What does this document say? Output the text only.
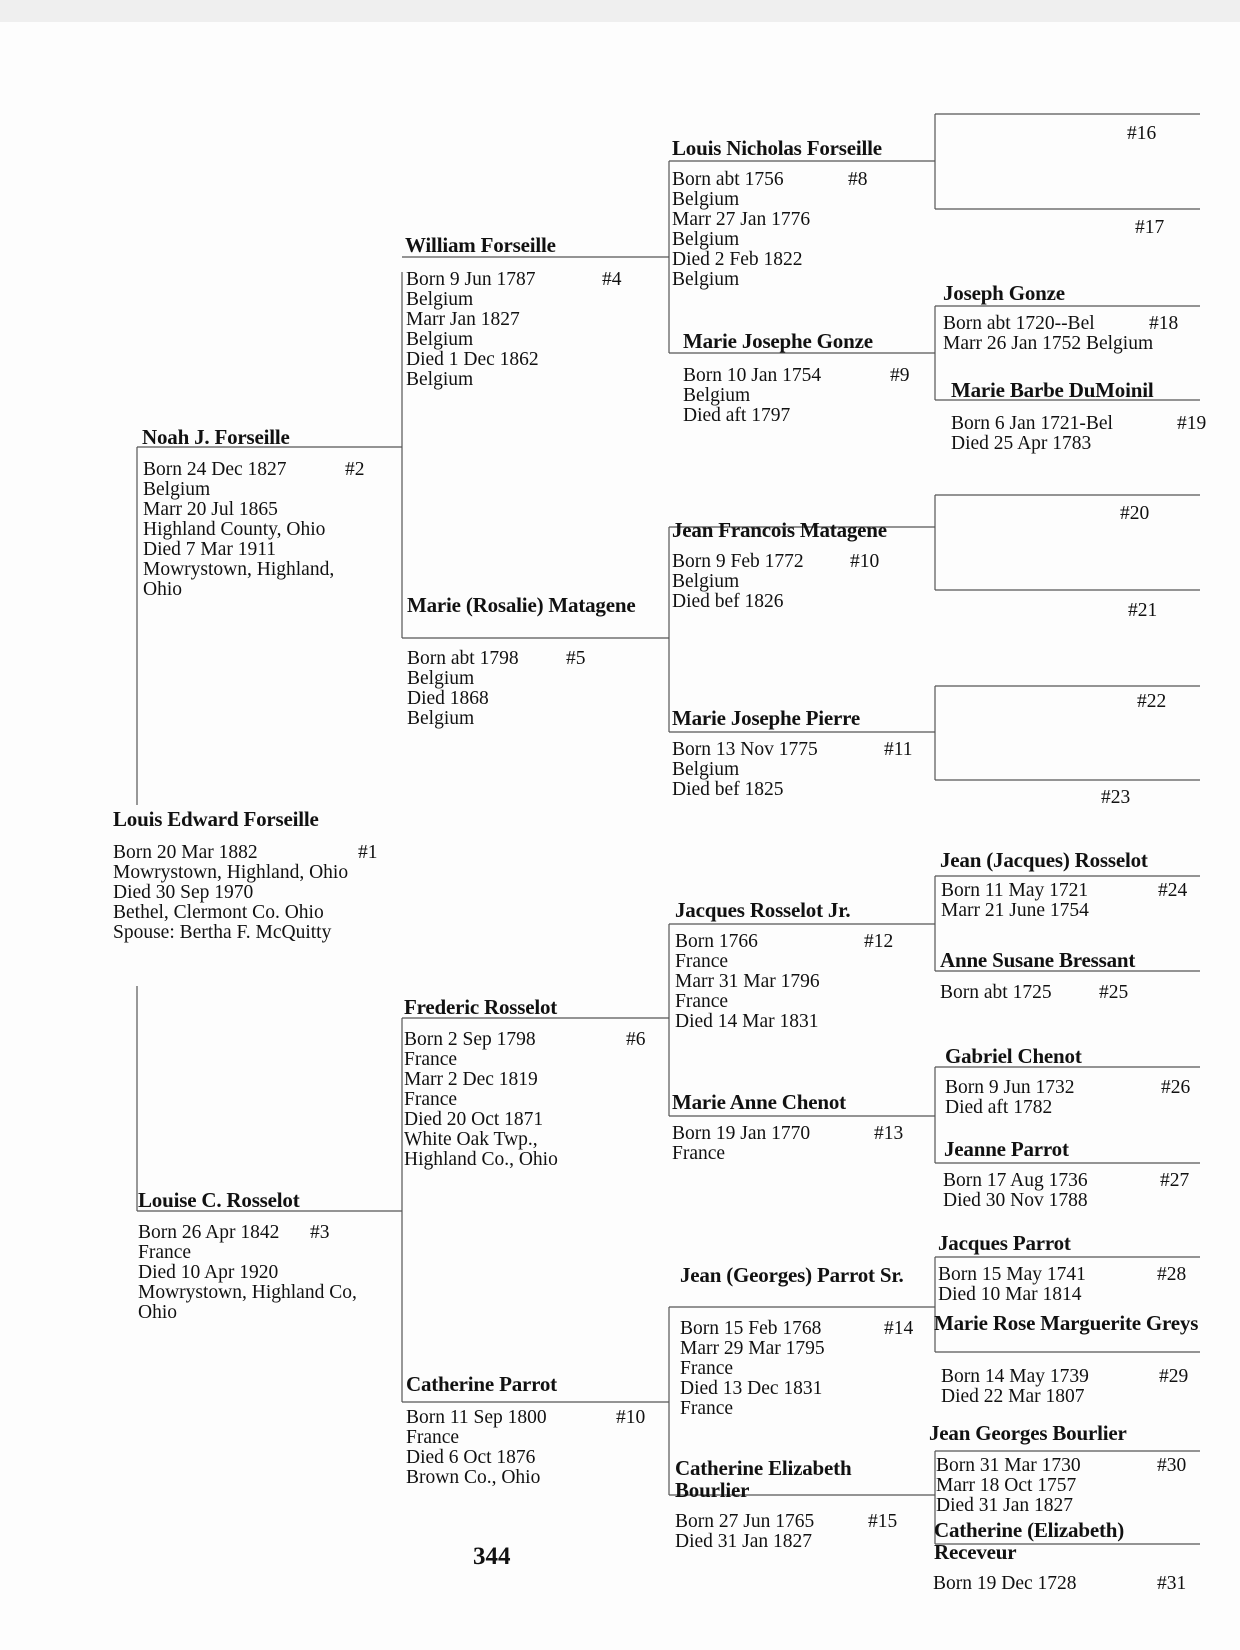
Louis Edward Forseille
Born 20 Mar 1882
Mowrystown, Highland, Ohio
Died 30 Sep 1970
Bethel, Clermont Co. Ohio
Spouse: Bertha F. McQuitty
#1
Noah J. Forseille
Born 24 Dec 1827
Belgium
Marr 20 Jul 1865
Highland County, Ohio
Died 7 Mar 1911
Mowrystown, Highland,
Ohio
#2
Louise C. Rosselot
Born 26 Apr 1842
France
Died 10 Apr 1920
Mowrystown, Highland Co,
Ohio
#3
William Forseille
Born 9 Jun 1787
Belgium
Marr Jan 1827
Belgium
Died 1 Dec 1862
Belgium
#4
Marie (Rosalie) Matagene
Born abt 1798
Belgium
Died 1868
Belgium
#5
Frederic Rosselot
Born 2 Sep 1798
France
Marr 2 Dec 1819
France
Died 20 Oct 1871
White Oak Twp.,
Highland Co., Ohio
#6
Catherine Parrot
Born 11 Sep 1800
France
Died 6 Oct 1876
Brown Co., Ohio
#10
Louis Nicholas Forseille
Born abt 1756
Belgium
Marr 27 Jan 1776
Belgium
Died 2 Feb 1822
Belgium
#8
Marie Josephe Gonze
Born 10 Jan 1754
Belgium
Died aft 1797
#9
Jean Francois Matagene
Born 9 Feb 1772
Belgium
Died bef 1826
#10
Marie Josephe Pierre
Born 13 Nov 1775
Belgium
Died bef 1825
#11
Jacques Rosselot Jr.
Born 1766
France
Marr 31 Mar 1796
France
Died 14 Mar 1831
#12
Marie Anne Chenot
Born 19 Jan 1770
France
#13
Jean (Georges) Parrot Sr.
Born 15 Feb 1768
Marr 29 Mar 1795
France
Died 13 Dec 1831
France
#14
Catherine Elizabeth Bourlier
Born 27 Jun 1765
Died 31 Jan 1827
#15
#16
#17
Joseph Gonze
Born abt 1720--Bel
Marr 26 Jan 1752 Belgium
#18
Marie Barbe DuMoinil
Born 6 Jan 1721-Bel
Died 25 Apr 1783
#19
#20
#21
#22
#23
Jean (Jacques) Rosselot
Born 11 May 1721
Marr 21 June 1754
#24
Anne Susane Bressant
Born abt 1725 #25
Gabriel Chenot
Born 9 Jun 1732
Died aft 1782
#26
Jeanne Parrot
Born 17 Aug 1736
Died 30 Nov 1788
#27
Jacques Parrot
Born 15 May 1741
Died 10 Mar 1814
#28
Marie Rose Marguerite Greys
Born 14 May 1739
Died 22 Mar 1807
#29
Jean Georges Bourlier
Born 31 Mar 1730
Marr 18 Oct 1757
Died 31 Jan 1827
#30
Catherine (Elizabeth) Receveur
Born 19 Dec 1728	#31
344
